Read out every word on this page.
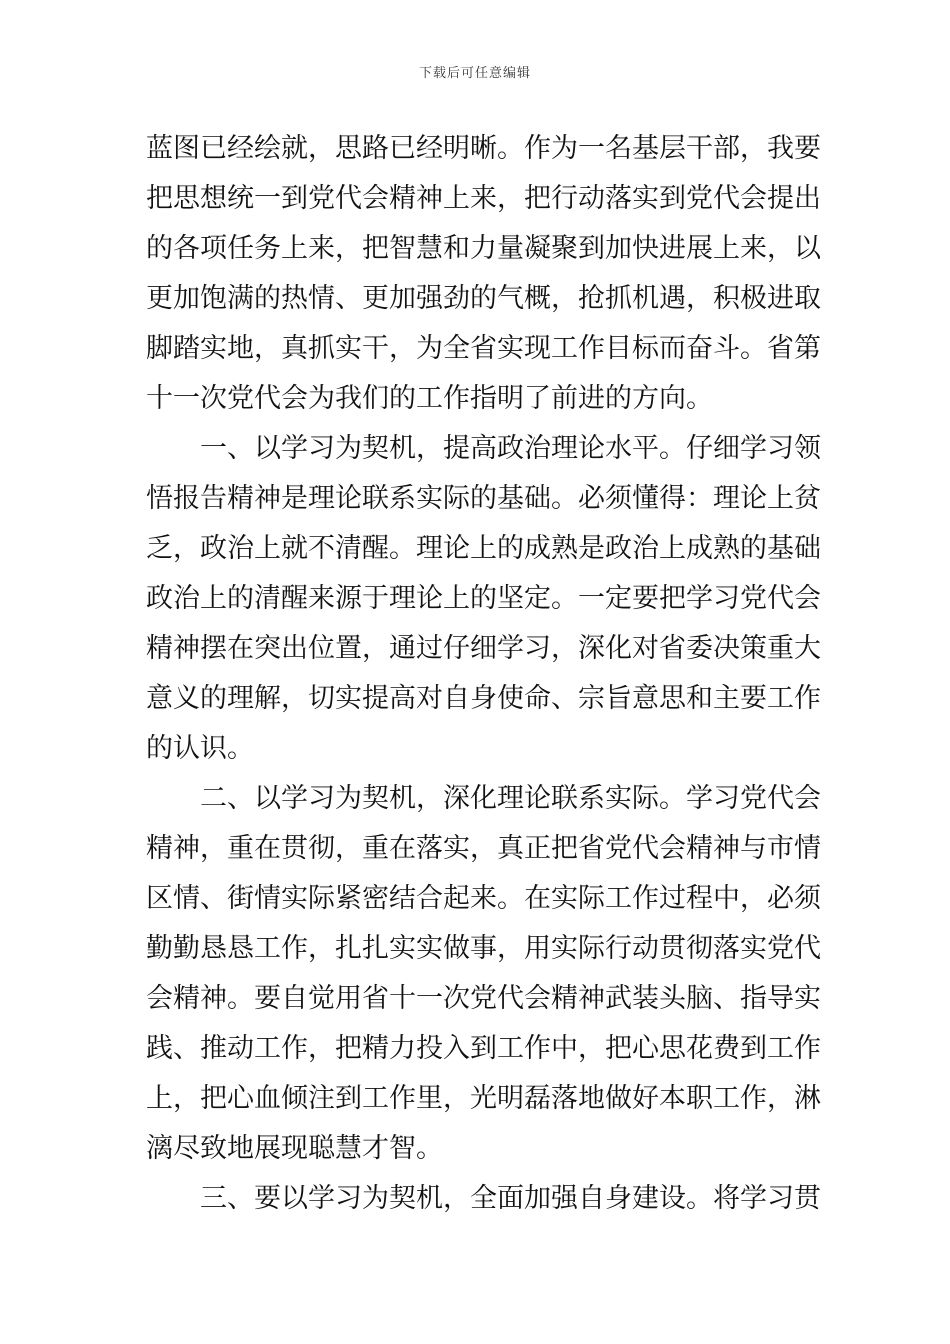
下载后可任意编辑
蓝图已经绘就，思路已经明晰。作为一名基层干部，我要
把思想统一到党代会精神上来，把行动落实到党代会提出
的各项任务上来，把智慧和力量凝聚到加快进展上来，以
更加饱满的热情、更加强劲的气概，抢抓机遇，积极进取
脚踏实地，真抓实干，为全省实现工作目标而奋斗。省第
十一次党代会为我们的工作指明了前进的方向。
一、以学习为契机，提高政治理论水平。仔细学习领
悟报告精神是理论联系实际的基础。必须懂得：理论上贫
乏，政治上就不清醒。理论上的成熟是政治上成熟的基础
政治上的清醒来源于理论上的坚定。一定要把学习党代会
精神摆在突出位置，通过仔细学习，深化对省委决策重大
意义的理解，切实提高对自身使命、宗旨意思和主要工作
的认识。
二、以学习为契机，深化理论联系实际。学习党代会
精神，重在贯彻，重在落实，真正把省党代会精神与市情
区情、街情实际紧密结合起来。在实际工作过程中，必须
勤勤恳恳工作，扎扎实实做事，用实际行动贯彻落实党代
会精神。要自觉用省十一次党代会精神武装头脑、指导实
践、推动工作，把精力投入到工作中，把心思花费到工作
上，把心血倾注到工作里，光明磊落地做好本职工作，淋
漓尽致地展现聪慧才智。
三、要以学习为契机，全面加强自身建设。将学习贯
